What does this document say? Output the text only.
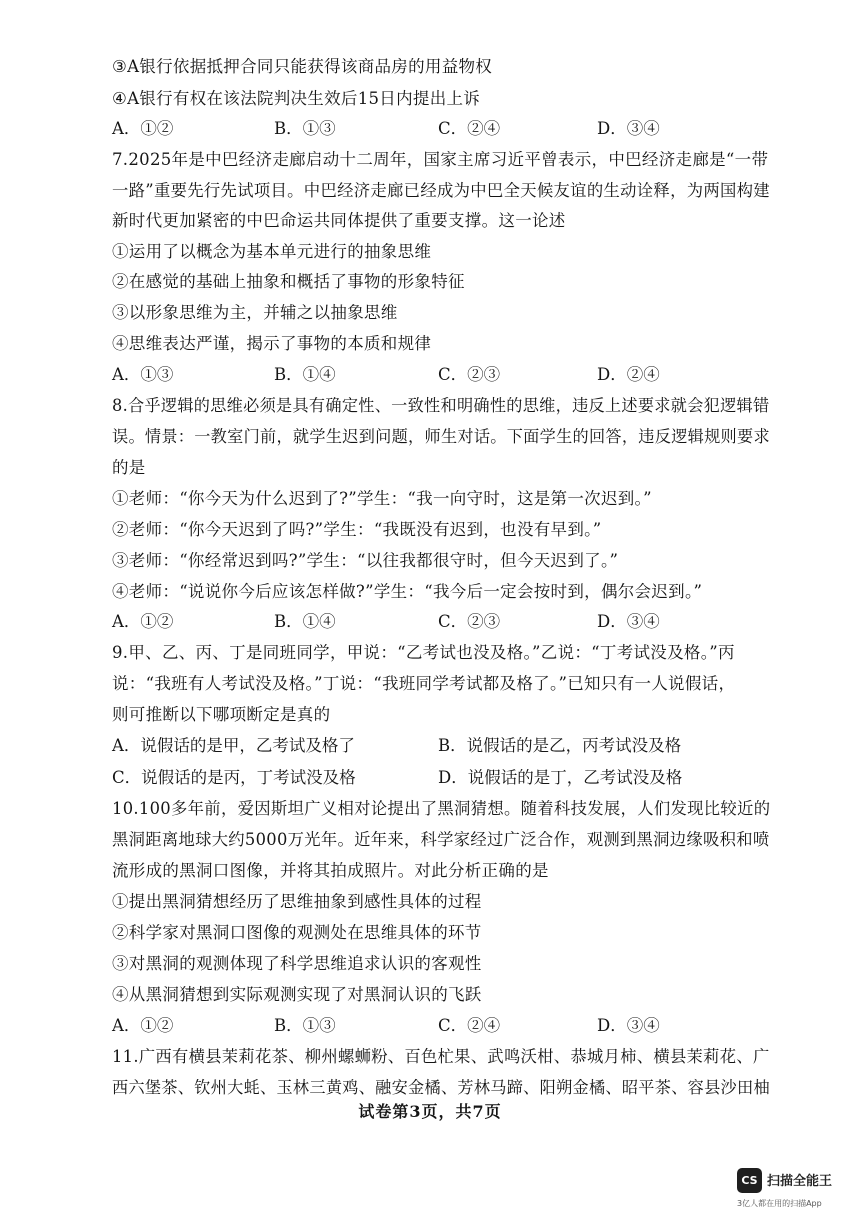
③A银行依据抵押合同只能获得该商品房的用益物权
④A银行有权在该法院判决生效后15日内提出上诉
A．①②	B．①③	C．②④	D．③④
7.2025年是中巴经济走廊启动十二周年，国家主席习近平曾表示，中巴经济走廊是“一带
一路”重要先行先试项目。中巴经济走廊已经成为中巴全天候友谊的生动诠释，为两国构建
新时代更加紧密的中巴命运共同体提供了重要支撑。这一论述
①运用了以概念为基本单元进行的抽象思维
②在感觉的基础上抽象和概括了事物的形象特征
③以形象思维为主，并辅之以抽象思维
④思维表达严谨，揭示了事物的本质和规律
A．①③	B．①④	C．②③	D．②④
8.合乎逻辑的思维必须是具有确定性、一致性和明确性的思维，违反上述要求就会犯逻辑错
误。情景：一教室门前，就学生迟到问题，师生对话。下面学生的回答，违反逻辑规则要求
的是
①老师：“你今天为什么迟到了?”学生：“我一向守时，这是第一次迟到。”
②老师：“你今天迟到了吗?”学生：“我既没有迟到，也没有早到。”
③老师：“你经常迟到吗?”学生：“以往我都很守时，但今天迟到了。”
④老师：“说说你今后应该怎样做?”学生：“我今后一定会按时到，偶尔会迟到。”
A．①②	B．①④	C．②③	D．③④
9.甲、乙、丙、丁是同班同学，甲说：“乙考试也没及格。”乙说：“丁考试没及格。”丙
说：“我班有人考试没及格。”丁说：“我班同学考试都及格了。”已知只有一人说假话，
则可推断以下哪项断定是真的
A．说假话的是甲，乙考试及格了	B．说假话的是乙，丙考试没及格
C．说假话的是丙，丁考试没及格	D．说假话的是丁，乙考试没及格
10.100多年前，爱因斯坦广义相对论提出了黑洞猜想。随着科技发展，人们发现比较近的
黑洞距离地球大约5000万光年。近年来，科学家经过广泛合作，观测到黑洞边缘吸积和喷
流形成的黑洞口图像，并将其拍成照片。对此分析正确的是
①提出黑洞猜想经历了思维抽象到感性具体的过程
②科学家对黑洞口图像的观测处在思维具体的环节
③对黑洞的观测体现了科学思维追求认识的客观性
④从黑洞猜想到实际观测实现了对黑洞认识的飞跃
A．①②	B．①③	C．②④	D．③④
11.广西有横县茉莉花茶、柳州螺蛳粉、百色杧果、武鸣沃柑、恭城月柿、横县茉莉花、广
西六堡茶、钦州大蚝、玉林三黄鸡、融安金橘、芳林马蹄、阳朔金橘、昭平茶、容县沙田柚
试卷第3页，共7页
CS 扫描全能王
3亿人都在用的扫描App
